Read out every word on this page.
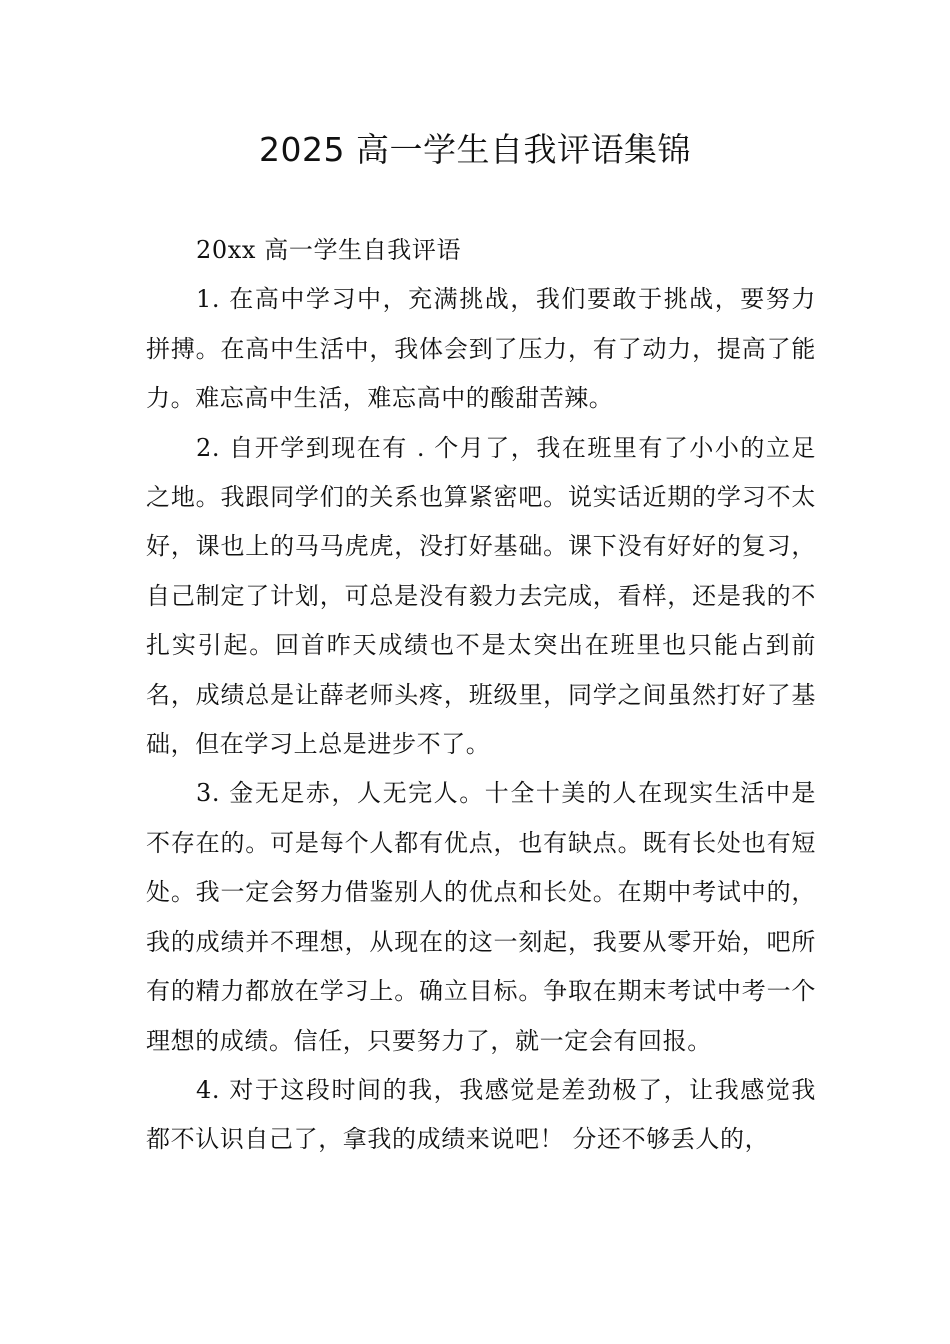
2025 高一学生自我评语集锦

20xx 高一学生自我评语

1. 在高中学习中，充满挑战，我们要敢于挑战，要努力拼搏。在高中生活中，我体会到了压力，有了动力，提高了能力。难忘高中生活，难忘高中的酸甜苦辣。

2. 自开学到现在有 . 个月了，我在班里有了小小的立足之地。我跟同学们的关系也算紧密吧。说实话近期的学习不太好，课也上的马马虎虎，没打好基础。课下没有好好的复习，自己制定了计划，可总是没有毅力去完成，看样，还是我的不扎实引起。回首昨天成绩也不是太突出在班里也只能占到前 名，成绩总是让薛老师头疼，班级里，同学之间虽然打好了基础，但在学习上总是进步不了。

3. 金无足赤，人无完人。十全十美的人在现实生活中是不存在的。可是每个人都有优点，也有缺点。既有长处也有短处。我一定会努力借鉴别人的优点和长处。在期中考试中的，我的成绩并不理想，从现在的这一刻起，我要从零开始，吧所有的精力都放在学习上。确立目标。争取在期末考试中考一个理想的成绩。信任，只要努力了，就一定会有回报。

4. 对于这段时间的我，我感觉是差劲极了，让我感觉我都不认识自己了，拿我的成绩来说吧！ 分还不够丢人的，
